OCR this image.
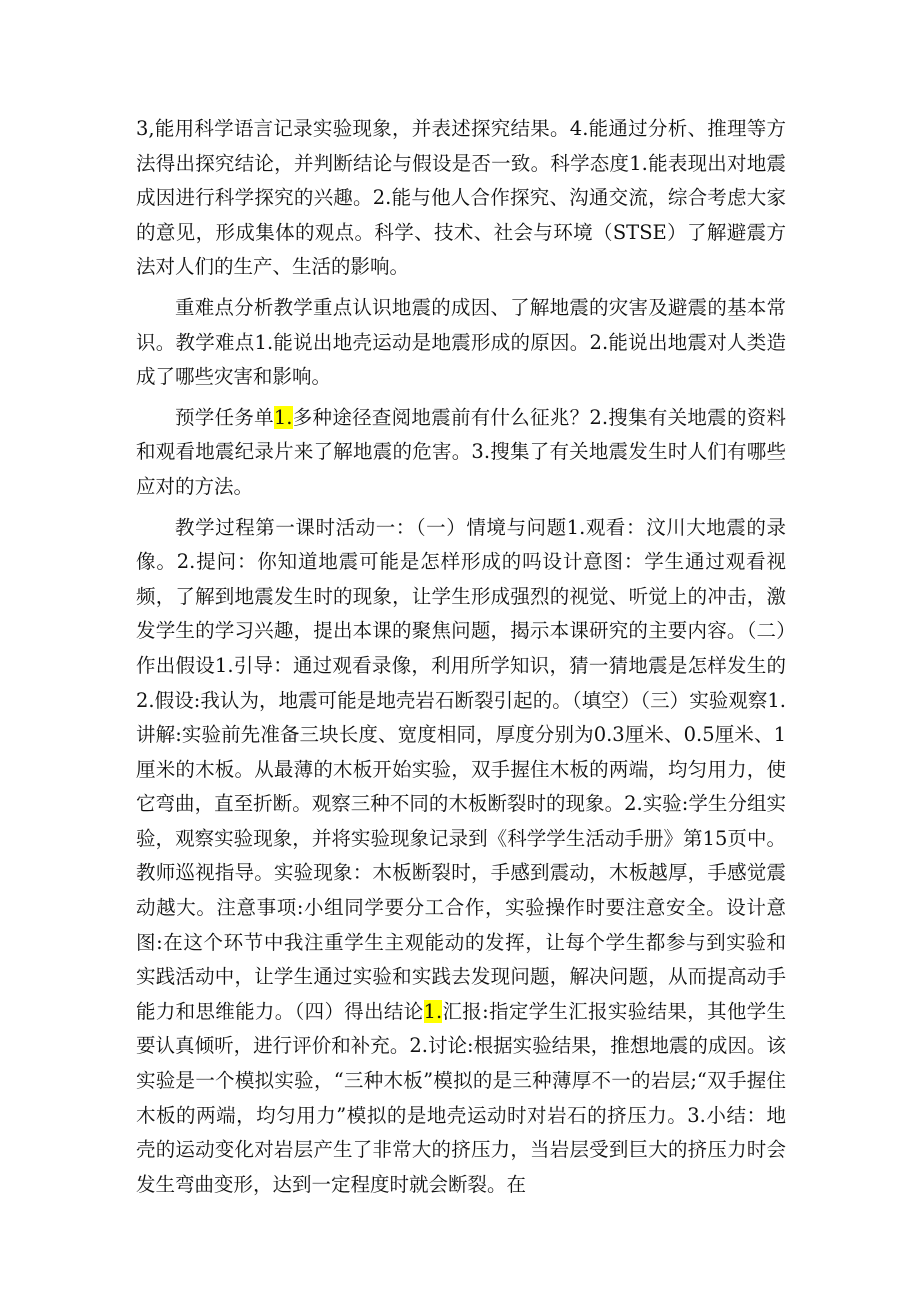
3,能用科学语言记录实验现象，并表述探究结果。4.能通过分析、推理等方法得出探究结论，并判断结论与假设是否一致。科学态度1.能表现出对地震成因进行科学探究的兴趣。2.能与他人合作探究、沟通交流，综合考虑大家的意见，形成集体的观点。科学、技术、社会与环境（STSE）了解避震方法对人们的生产、生活的影响。

重难点分析教学重点认识地震的成因、了解地震的灾害及避震的基本常识。教学难点1.能说出地壳运动是地震形成的原因。2.能说出地震对人类造成了哪些灾害和影响。

预学任务单1.多种途径查阅地震前有什么征兆？2.搜集有关地震的资料和观看地震纪录片来了解地震的危害。3.搜集了有关地震发生时人们有哪些应对的方法。

教学过程第一课时活动一：（一）情境与问题1.观看：汶川大地震的录像。2.提问：你知道地震可能是怎样形成的吗设计意图：学生通过观看视频，了解到地震发生时的现象，让学生形成强烈的视觉、听觉上的冲击，激发学生的学习兴趣，提出本课的聚焦问题，揭示本课研究的主要内容。（二）作出假设1.引导：通过观看录像，利用所学知识，猜一猜地震是怎样发生的2.假设:我认为，地震可能是地壳岩石断裂引起的。（填空）（三）实验观察1.讲解:实验前先准备三块长度、宽度相同，厚度分别为0.3厘米、0.5厘米、1厘米的木板。从最薄的木板开始实验，双手握住木板的两端，均匀用力，使它弯曲，直至折断。观察三种不同的木板断裂时的现象。2.实验:学生分组实验，观察实验现象，并将实验现象记录到《科学学生活动手册》第15页中。教师巡视指导。实验现象：木板断裂时，手感到震动，木板越厚，手感觉震动越大。注意事项:小组同学要分工合作，实验操作时要注意安全。设计意图:在这个环节中我注重学生主观能动的发挥，让每个学生都参与到实验和实践活动中，让学生通过实验和实践去发现问题，解决问题，从而提高动手能力和思维能力。（四）得出结论1.汇报:指定学生汇报实验结果，其他学生要认真倾听，进行评价和补充。2.讨论:根据实验结果，推想地震的成因。该实验是一个模拟实验，“三种木板”模拟的是三种薄厚不一的岩层;“双手握住木板的两端，均匀用力”模拟的是地壳运动时对岩石的挤压力。3.小结：地壳的运动变化对岩层产生了非常大的挤压力，当岩层受到巨大的挤压力时会发生弯曲变形，达到一定程度时就会断裂。在
